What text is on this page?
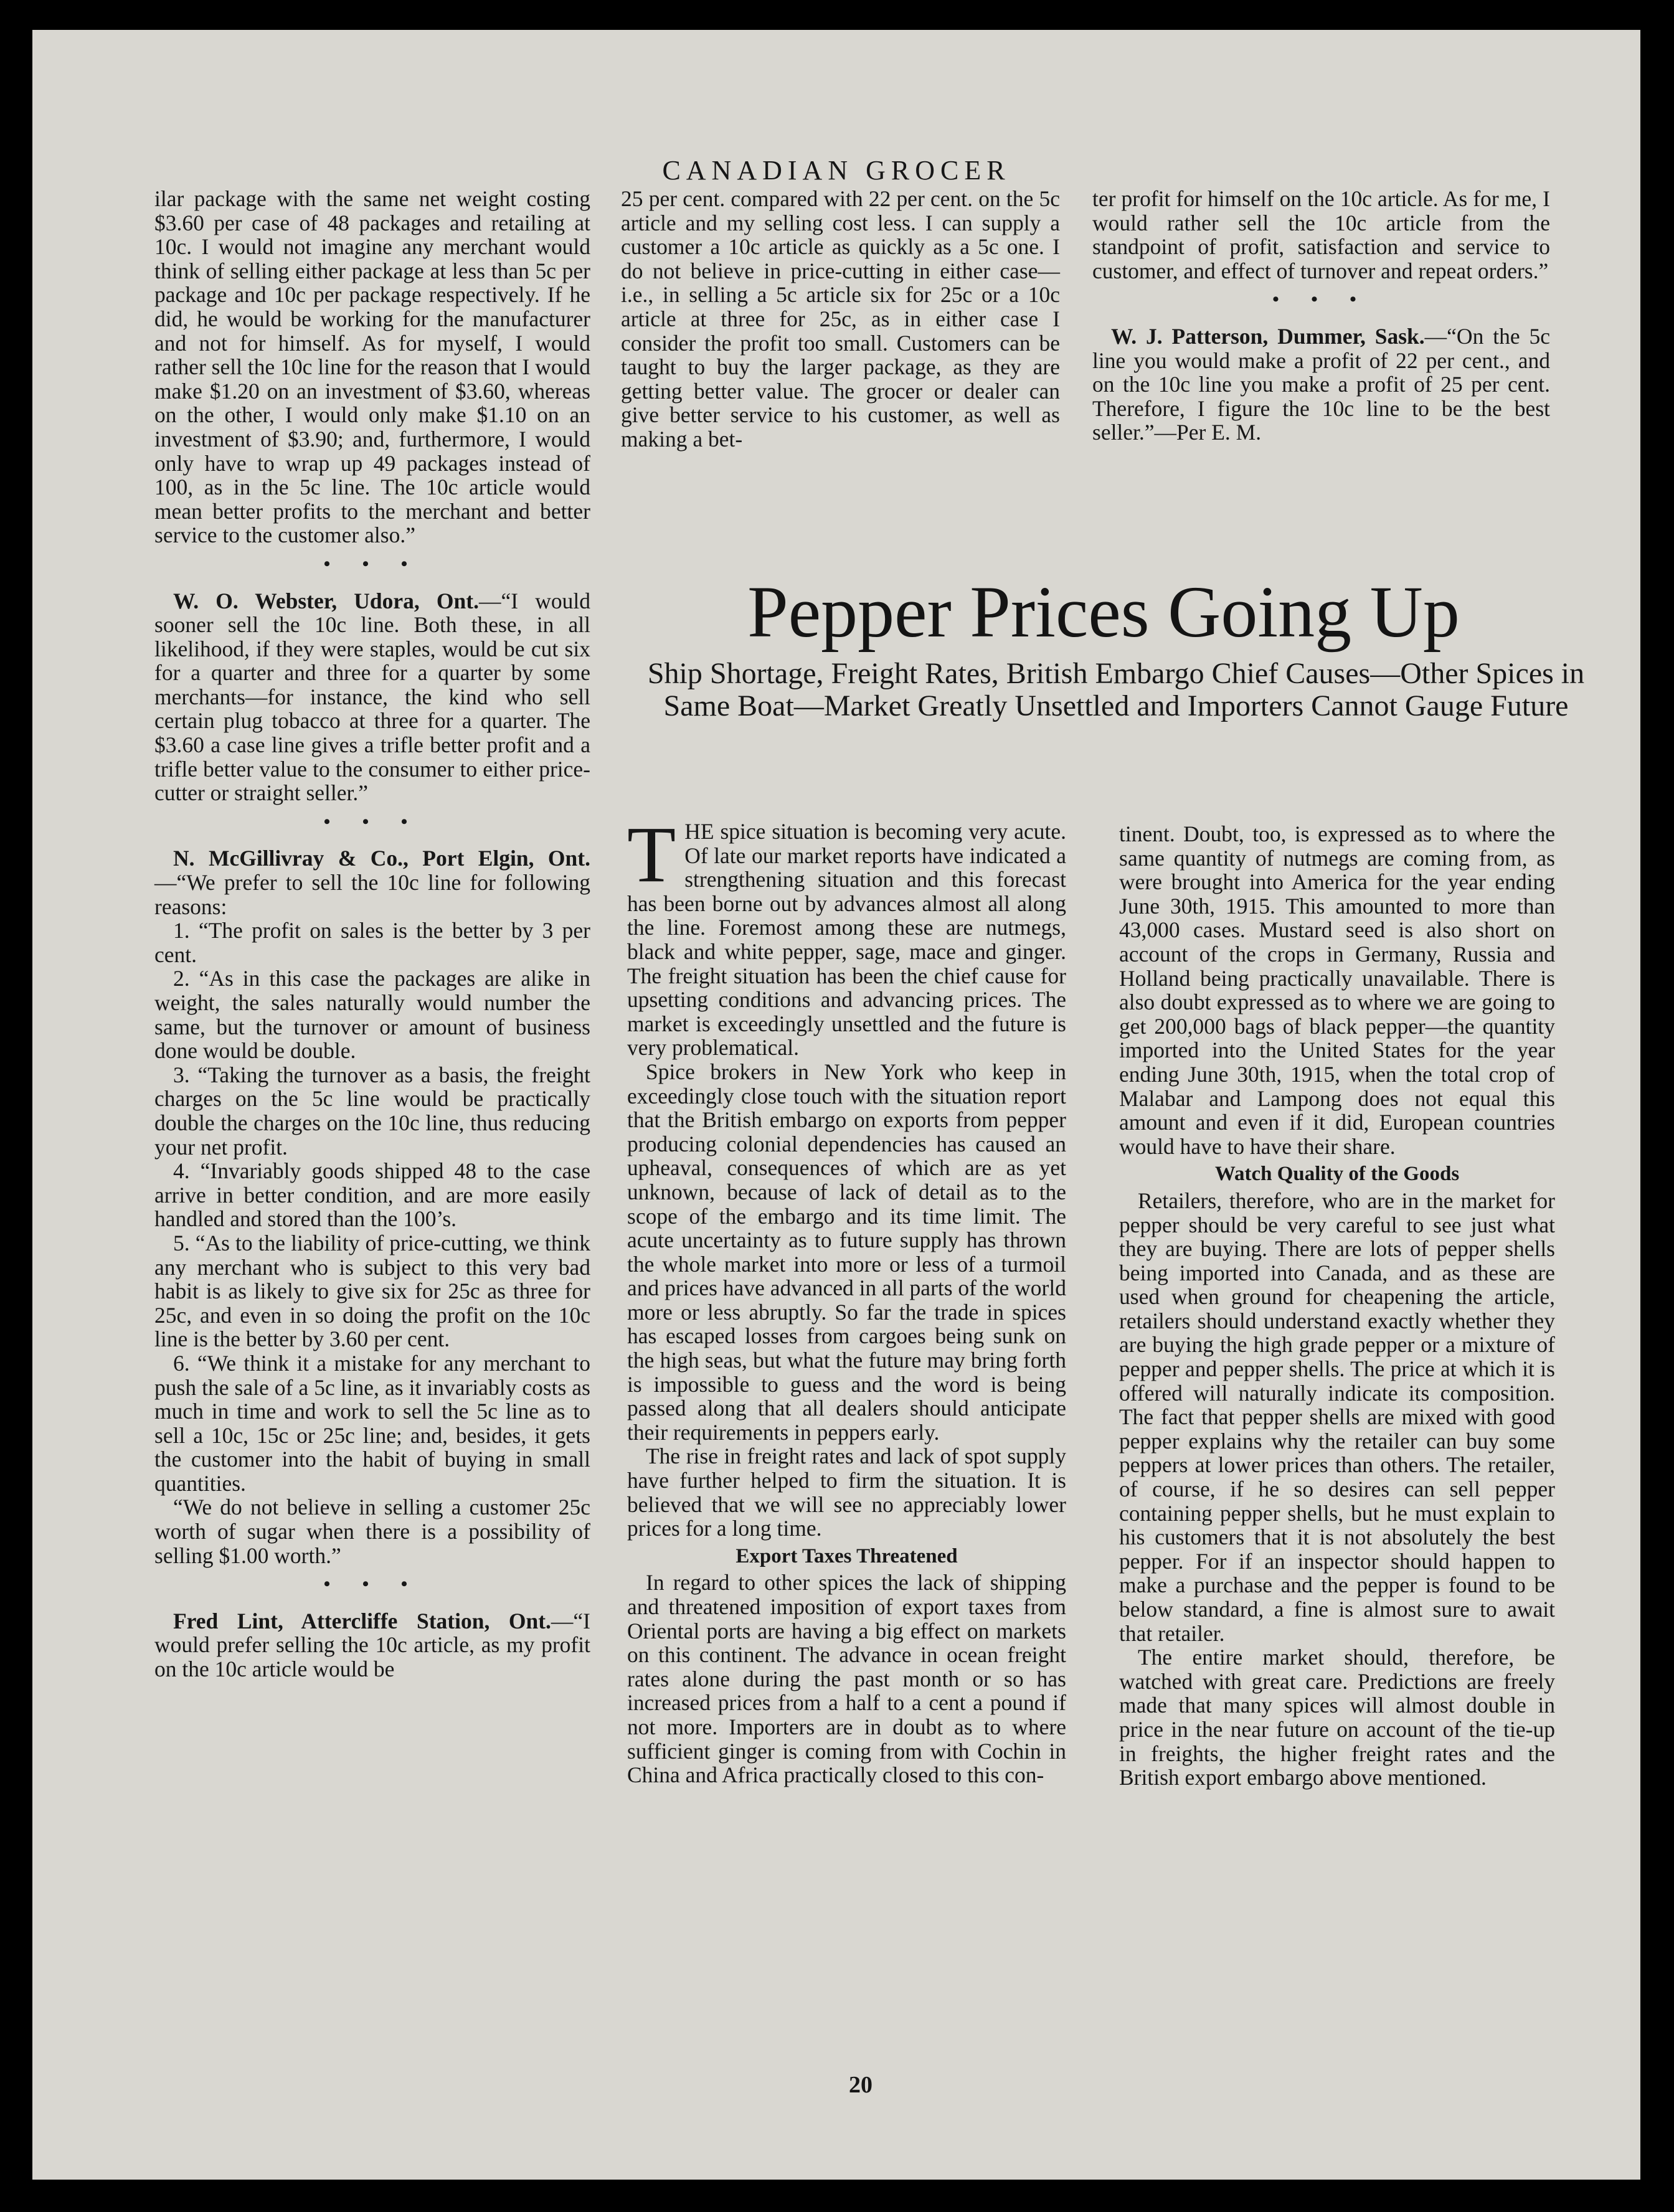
CANADIAN GROCER

ilar package with the same net weight costing $3.60 per case of 48 packages and retailing at 10c. I would not imagine any merchant would think of selling either package at less than 5c per package and 10c per package respectively. If he did, he would be working for the manufacturer and not for himself. As for myself, I would rather sell the 10c line for the reason that I would make $1.20 on an investment of $3.60, whereas on the other, I would only make $1.10 on an investment of $3.90; and, furthermore, I would only have to wrap up 49 packages instead of 100, as in the 5c line. The 10c article would mean better profits to the merchant and better service to the customer also.”

• • •

W. O. Webster, Udora, Ont.—“I would sooner sell the 10c line. Both these, in all likelihood, if they were staples, would be cut six for a quarter and three for a quarter by some merchants—for instance, the kind who sell certain plug tobacco at three for a quarter. The $3.60 a case line gives a trifle better profit and a trifle better value to the consumer to either price-cutter or straight seller.”

• • •

N. McGillivray & Co., Port Elgin, Ont.—“We prefer to sell the 10c line for following reasons:

1. “The profit on sales is the better by 3 per cent.

2. “As in this case the packages are alike in weight, the sales naturally would number the same, but the turnover or amount of business done would be double.

3. “Taking the turnover as a basis, the freight charges on the 5c line would be practically double the charges on the 10c line, thus reducing your net profit.

4. “Invariably goods shipped 48 to the case arrive in better condition, and are more easily handled and stored than the 100’s.

5. “As to the liability of price-cutting, we think any merchant who is subject to this very bad habit is as likely to give six for 25c as three for 25c, and even in so doing the profit on the 10c line is the better by 3.60 per cent.

6. “We think it a mistake for any merchant to push the sale of a 5c line, as it invariably costs as much in time and work to sell the 5c line as to sell a 10c, 15c or 25c line; and, besides, it gets the customer into the habit of buying in small quantities.

“We do not believe in selling a customer 25c worth of sugar when there is a possibility of selling $1.00 worth.”

• • •

Fred Lint, Attercliffe Station, Ont.—“I would prefer selling the 10c article, as my profit on the 10c article would be

25 per cent. compared with 22 per cent. on the 5c article and my selling cost less. I can supply a customer a 10c article as quickly as a 5c one. I do not believe in price-cutting in either case—i.e., in selling a 5c article six for 25c or a 10c article at three for 25c, as in either case I consider the profit too small. Customers can be taught to buy the larger package, as they are getting better value. The grocer or dealer can give better service to his customer, as well as making a bet-

ter profit for himself on the 10c article. As for me, I would rather sell the 10c article from the standpoint of profit, satisfaction and service to customer, and effect of turnover and repeat orders.”

• • •

W. J. Patterson, Dummer, Sask.—“On the 5c line you would make a profit of 22 per cent., and on the 10c line you make a profit of 25 per cent. Therefore, I figure the 10c line to be the best seller.”—Per E. M.

Pepper Prices Going Up
Ship Shortage, Freight Rates, British Embargo Chief Causes—Other Spices in Same Boat—Market Greatly Unsettled and Importers Cannot Gauge Future

THE spice situation is becoming very acute. Of late our market reports have indicated a strengthening situation and this forecast has been borne out by advances almost all along the line. Foremost among these are nutmegs, black and white pepper, sage, mace and ginger. The freight situation has been the chief cause for upsetting conditions and advancing prices. The market is exceedingly unsettled and the future is very problematical.

Spice brokers in New York who keep in exceedingly close touch with the situation report that the British embargo on exports from pepper producing colonial dependencies has caused an upheaval, consequences of which are as yet unknown, because of lack of detail as to the scope of the embargo and its time limit. The acute uncertainty as to future supply has thrown the whole market into more or less of a turmoil and prices have advanced in all parts of the world more or less abruptly. So far the trade in spices has escaped losses from cargoes being sunk on the high seas, but what the future may bring forth is impossible to guess and the word is being passed along that all dealers should anticipate their requirements in peppers early.

The rise in freight rates and lack of spot supply have further helped to firm the situation. It is believed that we will see no appreciably lower prices for a long time.

Export Taxes Threatened

In regard to other spices the lack of shipping and threatened imposition of export taxes from Oriental ports are having a big effect on markets on this continent. The advance in ocean freight rates alone during the past month or so has increased prices from a half to a cent a pound if not more. Importers are in doubt as to where sufficient ginger is coming from with Cochin in China and Africa practically closed to this con-

tinent. Doubt, too, is expressed as to where the same quantity of nutmegs are coming from, as were brought into America for the year ending June 30th, 1915. This amounted to more than 43,000 cases. Mustard seed is also short on account of the crops in Germany, Russia and Holland being practically unavailable. There is also doubt expressed as to where we are going to get 200,000 bags of black pepper—the quantity imported into the United States for the year ending June 30th, 1915, when the total crop of Malabar and Lampong does not equal this amount and even if it did, European countries would have to have their share.

Watch Quality of the Goods

Retailers, therefore, who are in the market for pepper should be very careful to see just what they are buying. There are lots of pepper shells being imported into Canada, and as these are used when ground for cheapening the article, retailers should understand exactly whether they are buying the high grade pepper or a mixture of pepper and pepper shells. The price at which it is offered will naturally indicate its composition. The fact that pepper shells are mixed with good pepper explains why the retailer can buy some peppers at lower prices than others. The retailer, of course, if he so desires can sell pepper containing pepper shells, but he must explain to his customers that it is not absolutely the best pepper. For if an inspector should happen to make a purchase and the pepper is found to be below standard, a fine is almost sure to await that retailer.

The entire market should, therefore, be watched with great care. Predictions are freely made that many spices will almost double in price in the near future on account of the tie-up in freights, the higher freight rates and the British export embargo above mentioned.

20
